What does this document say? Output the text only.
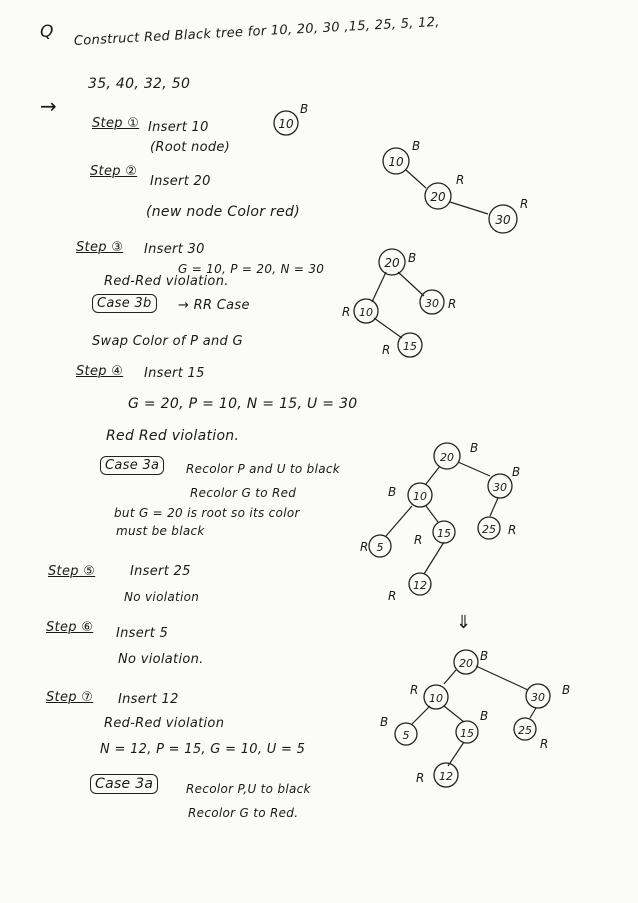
Q Construct Red Black tree for 10, 20, 30 ,15, 25, 5, 12,
35, 40, 32, 50
→
Step ① Insert 10
(Root node)
Step ②
Insert 20
(new node Color red)
Step ③ Insert 30
G = 10, P = 20, N = 30
Red-Red violation.
Case 3b	→ RR Case
Swap Color of P and G
Step ④ Insert 15
G = 20, P = 10, N = 15, U = 30
Red Red violation.
Case 3a	Recolor P and U to black
Recolor G to Red
but G = 20 is root so its color
must be black
Step ⑤	Insert 25
No violation
Step ⑥ Insert 5
No violation.
Step ⑦ Insert 12
Red-Red violation
N = 12, P = 15, G = 10, U = 5
Case 3a	Recolor P,U to black
Recolor G to Red.
10
B
10
B
20
R
30
R
20 B
10
R
30 R
15
R
20
B
10
B	30
B
5
R
15
R
25 R
12
R
⇓
20
B
10
R
30
B
5
B
15
B
25
R
12
R
